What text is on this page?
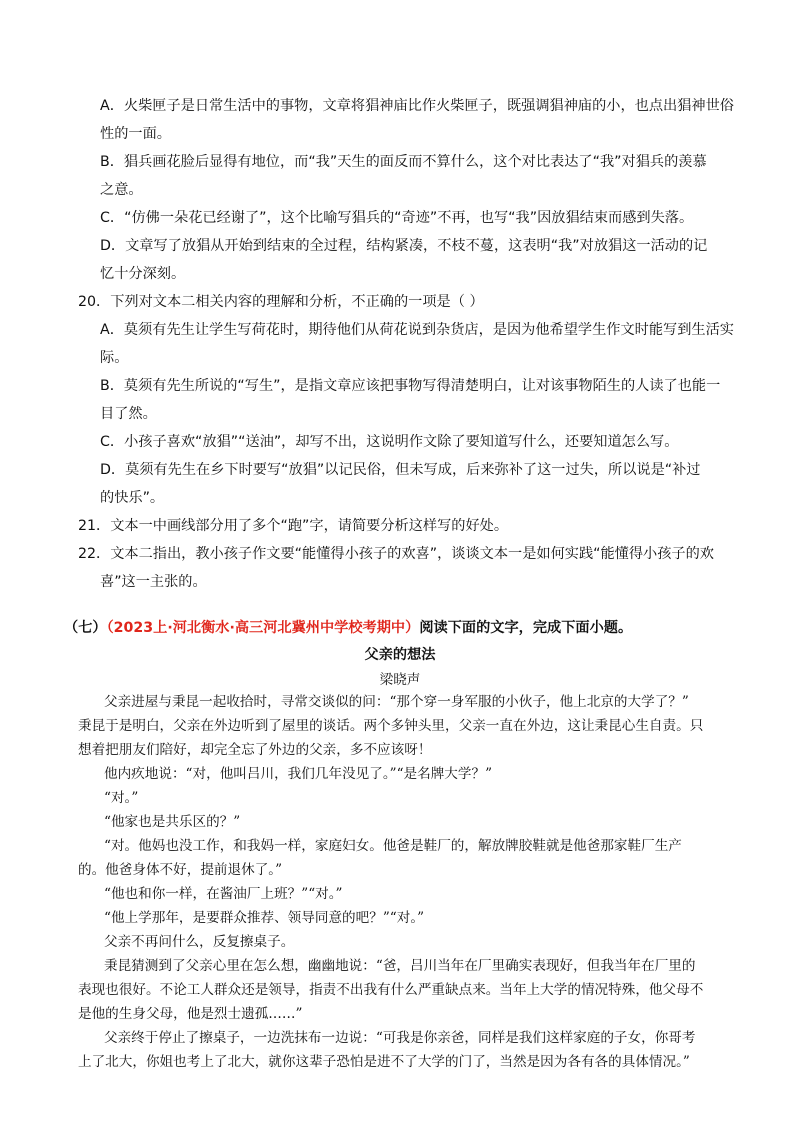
A．火柴匣子是日常生活中的事物，文章将猖神庙比作火柴匣子，既强调猖神庙的小，也点出猖神世俗
性的一面。
B．猖兵画花脸后显得有地位，而“我”天生的面反而不算什么，这个对比表达了“我”对猖兵的羡慕
之意。
C．“仿佛一朵花已经谢了”，这个比喻写猖兵的“奇迹”不再，也写“我”因放猖结束而感到失落。
D．文章写了放猖从开始到结束的全过程，结构紧凑，不枝不蔓，这表明“我”对放猖这一活动的记
忆十分深刻。
20．下列对文本二相关内容的理解和分析，不正确的一项是（ ）
A．莫须有先生让学生写荷花时，期待他们从荷花说到杂货店，是因为他希望学生作文时能写到生活实
际。
B．莫须有先生所说的“写生”，是指文章应该把事物写得清楚明白，让对该事物陌生的人读了也能一
目了然。
C．小孩子喜欢“放猖”“送油”，却写不出，这说明作文除了要知道写什么，还要知道怎么写。
D．莫须有先生在乡下时要写“放猖”以记民俗，但未写成，后来弥补了这一过失，所以说是“补过
的快乐”。
21．文本一中画线部分用了多个“跑”字，请简要分析这样写的好处。
22．文本二指出，教小孩子作文要“能懂得小孩子的欢喜”，谈谈文本一是如何实践“能懂得小孩子的欢
喜”这一主张的。
（七）（2023上·河北衡水·高三河北冀州中学校考期中）阅读下面的文字，完成下面小题。
父亲的想法
梁晓声
父亲进屋与秉昆一起收拾时，寻常交谈似的问：“那个穿一身军服的小伙子，他上北京的大学了？”
秉昆于是明白，父亲在外边听到了屋里的谈话。两个多钟头里，父亲一直在外边，这让秉昆心生自责。只
想着把朋友们陪好，却完全忘了外边的父亲，多不应该呀！
他内疚地说：“对，他叫吕川，我们几年没见了。”“是名牌大学？”
“对。”
“他家也是共乐区的？”
“对。他妈也没工作，和我妈一样，家庭妇女。他爸是鞋厂的，解放牌胶鞋就是他爸那家鞋厂生产
的。他爸身体不好，提前退休了。”
“他也和你一样，在酱油厂上班？”“对。”
“他上学那年，是要群众推荐、领导同意的吧？”“对。”
父亲不再问什么，反复擦桌子。
秉昆猜测到了父亲心里在怎么想，幽幽地说：“爸，吕川当年在厂里确实表现好，但我当年在厂里的
表现也很好。不论工人群众还是领导，指责不出我有什么严重缺点来。当年上大学的情况特殊，他父母不
是他的生身父母，他是烈士遗孤……”
父亲终于停止了擦桌子，一边洗抹布一边说：“可我是你亲爸，同样是我们这样家庭的子女，你哥考
上了北大，你姐也考上了北大，就你这辈子恐怕是进不了大学的门了，当然是因为各有各的具体情况。”
